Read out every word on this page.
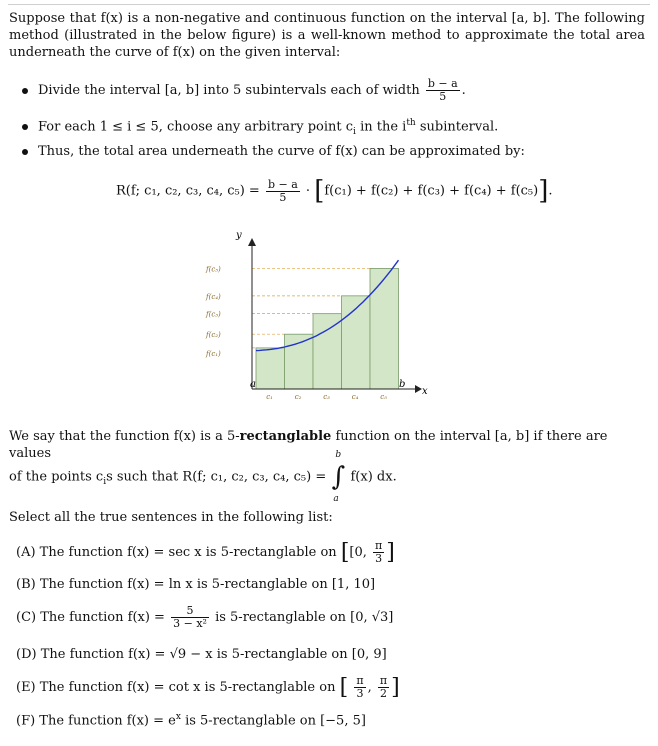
Suppose that f(x) is a non-negative and continuous function on the interval [a, b]. The following method (illustrated in the below figure) is a well-known method to approximate the total area underneath the curve of f(x) on the given interval:
Divide the interval [a, b] into 5 subintervals each of width $\frac{b - a}{5}$ .
For each 1 ≤ i ≤ 5, choose any arbitrary point $c_i$ in the $i^{th}$ subinterval.
Thus, the total area underneath the curve of f(x) can be approximated by:
R(f; c₁, c₂, c₃, c₄, $c_5) = \frac{b - a}{5} \cdot [f(c_1) + f(c_2) + f(c_3) + f(c_4) + f(c_5)]$.
y
x
a	b
f(c₅)
f(c₄)
f(c₃)
f(c₂)
f(c₁)
c₁	c₂	c₃	c₄	c₅
We say that the function f(x) is a 5-rectanglable function on the interval [a, b] if there are values
of the points $c_is$ such that R(f; c₁, c₂, c₃, c₄, c₅) =
b
∫
a
f(x) dx.
Select all the true sentences in the following list:
(A) The function f(x) = sec x is 5-rectanglable on [[0, $\frac{\pi}{3}$ ]
(B) The function f(x) = ln x is 5-rectanglable on [1, 10]
(C) The function $f(x) = \frac{5}{\text{3 − x²}}$ is 5-rectanglable on [0, √3]
(D) The function f(x) = √9 − x is 5-rectanglable on [0, 9]
(E) The function f(x) = cot x is 5-rectanglable on [ $\frac{\pi}{3}$ , $\frac{\pi}{2}$ ]
(F) The function $f(x) = e^x$ is 5-rectanglable on [−5, 5]
